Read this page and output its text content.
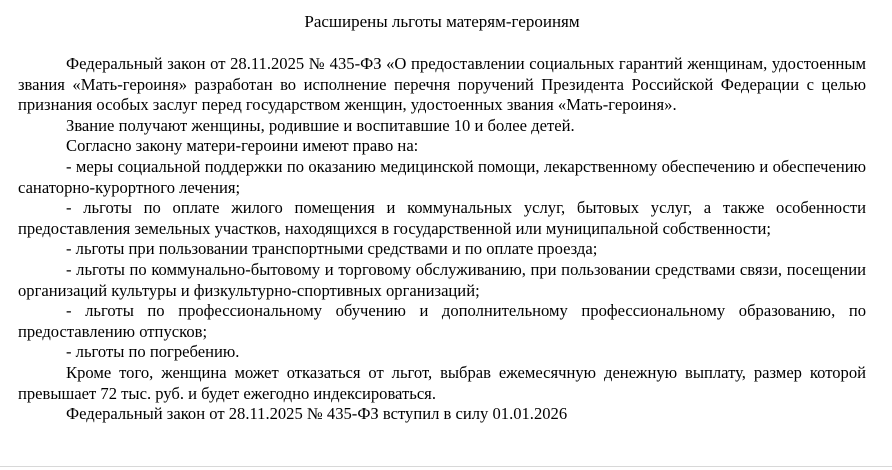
Расширены льготы матерям-героиням

Федеральный закон от 28.11.2025 № 435-ФЗ «О предоставлении социальных гарантий женщинам, удостоенным звания «Мать-героиня» разработан во исполнение перечня поручений Президента Российской Федерации с целью признания особых заслуг перед государством женщин, удостоенных звания «Мать-героиня».

Звание получают женщины, родившие и воспитавшие 10 и более детей.

Согласно закону матери-героини имеют право на:

- меры социальной поддержки по оказанию медицинской помощи, лекарственному обеспечению и обеспечению санаторно-курортного лечения;

- льготы по оплате жилого помещения и коммунальных услуг, бытовых услуг, а также особенности предоставления земельных участков, находящихся в государственной или муниципальной собственности;

- льготы при пользовании транспортными средствами и по оплате проезда;

- льготы по коммунально-бытовому и торговому обслуживанию, при пользовании средствами связи, посещении организаций культуры и физкультурно-спортивных организаций;

- льготы по профессиональному обучению и дополнительному профессиональному образованию, по предоставлению отпусков;

- льготы по погребению.

Кроме того, женщина может отказаться от льгот, выбрав ежемесячную денежную выплату, размер которой превышает 72 тыс. руб. и будет ежегодно индексироваться.

Федеральный закон от 28.11.2025 № 435-ФЗ вступил в силу 01.01.2026
